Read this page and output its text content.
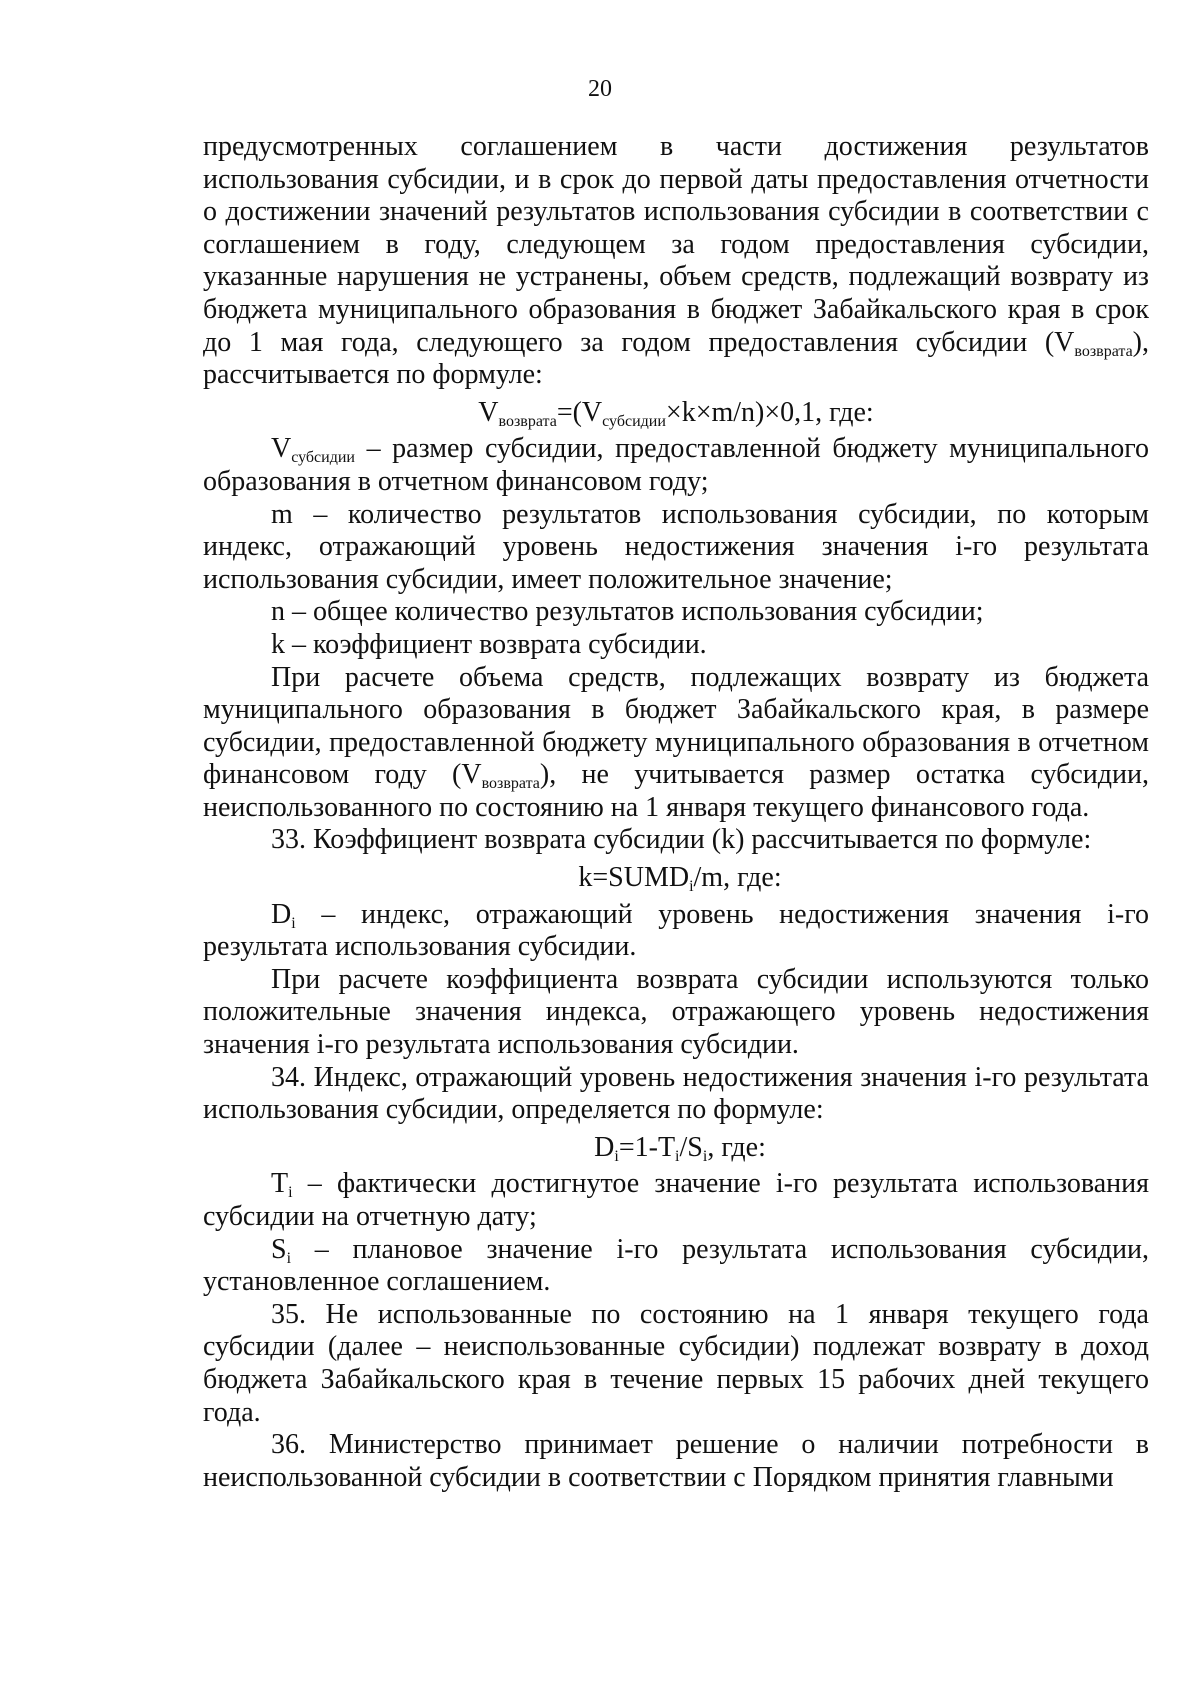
20

предусмотренных соглашением в части достижения результатов использования субсидии, и в срок до первой даты предоставления отчетности о достижении значений результатов использования субсидии в соответствии с соглашением в году, следующем за годом предоставления субсидии, указанные нарушения не устранены, объем средств, подлежащий возврату из бюджета муниципального образования в бюджет Забайкальского края в срок до 1 мая года, следующего за годом предоставления субсидии $(V_{возврата})$, рассчитывается по формуле:

$V_{возврата}=(V_{субсидии}\times k\times m/n)\times 0,1$, где:

$V_{субсидии}$ – размер субсидии, предоставленной бюджету муниципального образования в отчетном финансовом году;

m – количество результатов использования субсидии, по которым индекс, отражающий уровень недостижения значения i-го результата использования субсидии, имеет положительное значение;

n – общее количество результатов использования субсидии;

k – коэффициент возврата субсидии.

При расчете объема средств, подлежащих возврату из бюджета муниципального образования в бюджет Забайкальского края, в размере субсидии, предоставленной бюджету муниципального образования в отчетном финансовом году $(V_{возврата})$, не учитывается размер остатка субсидии, неиспользованного по состоянию на 1 января текущего финансового года.

33. Коэффициент возврата субсидии (k) рассчитывается по формуле:

$k=SUMD_i/m$, где:

$D_i$ – индекс, отражающий уровень недостижения значения i-го результата использования субсидии.

При расчете коэффициента возврата субсидии используются только положительные значения индекса, отражающего уровень недостижения значения i-го результата использования субсидии.

34. Индекс, отражающий уровень недостижения значения i-го результата использования субсидии, определяется по формуле:

$D_i=1-T_i/S_i$, где:

$T_i$ – фактически достигнутое значение i-го результата использования субсидии на отчетную дату;

$S_i$ – плановое значение i-го результата использования субсидии, установленное соглашением.

35. Не использованные по состоянию на 1 января текущего года субсидии (далее – неиспользованные субсидии) подлежат возврату в доход бюджета Забайкальского края в течение первых 15 рабочих дней текущего года.

36. Министерство принимает решение о наличии потребности в неиспользованной субсидии в соответствии с Порядком принятия главными
